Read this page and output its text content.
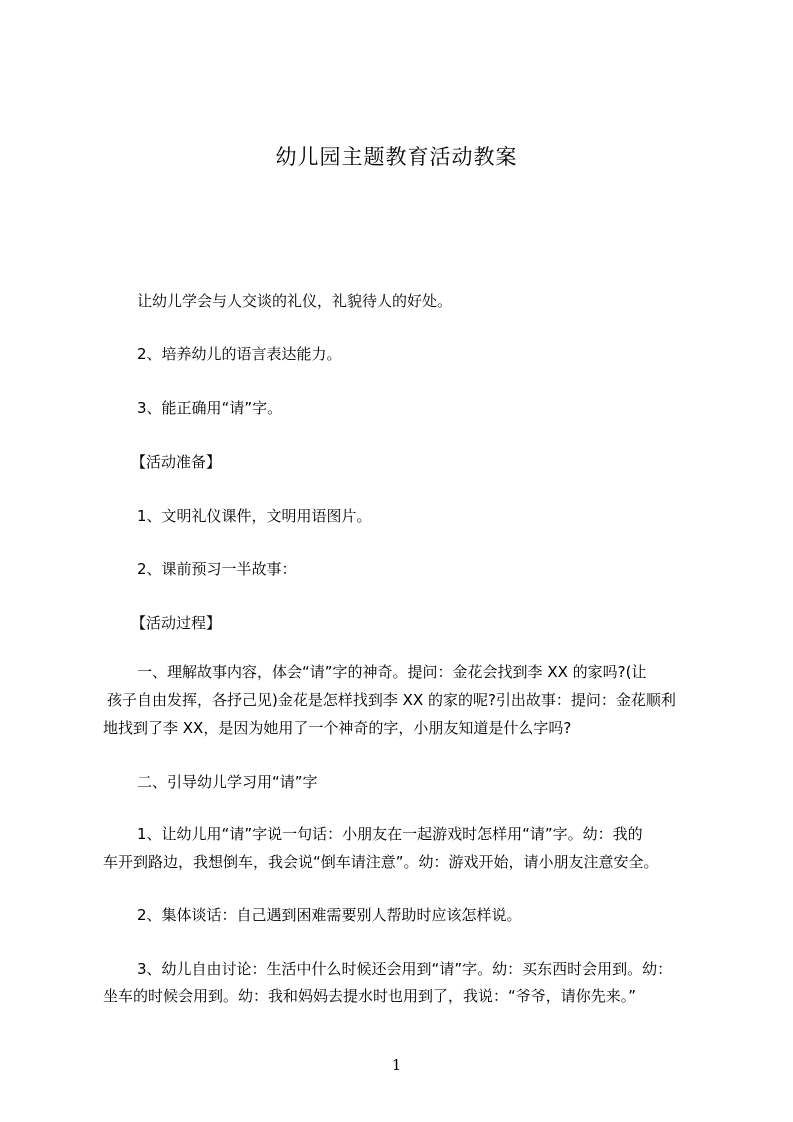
幼儿园主题教育活动教案

让幼儿学会与人交谈的礼仪，礼貌待人的好处。

2、培养幼儿的语言表达能力。

3、能正确用“请”字。

【活动准备】

1、文明礼仪课件，文明用语图片。

2、课前预习一半故事：

【活动过程】

一、理解故事内容，体会“请”字的神奇。提问：金花会找到李 XX 的家吗?(让

孩子自由发挥，各抒己见)金花是怎样找到李 XX 的家的呢?引出故事：提问：金花顺利

地找到了李 XX，是因为她用了一个神奇的字，小朋友知道是什么字吗?

二、引导幼儿学习用“请”字

1、让幼儿用“请”字说一句话：小朋友在一起游戏时怎样用“请”字。幼：我的

车开到路边，我想倒车，我会说“倒车请注意”。幼：游戏开始，请小朋友注意安全。

2、集体谈话：自己遇到困难需要别人帮助时应该怎样说。

3、幼儿自由讨论：生活中什么时候还会用到“请”字。幼：买东西时会用到。幼：

坐车的时候会用到。幼：我和妈妈去提水时也用到了，我说：“爷爷，请你先来。”

1
